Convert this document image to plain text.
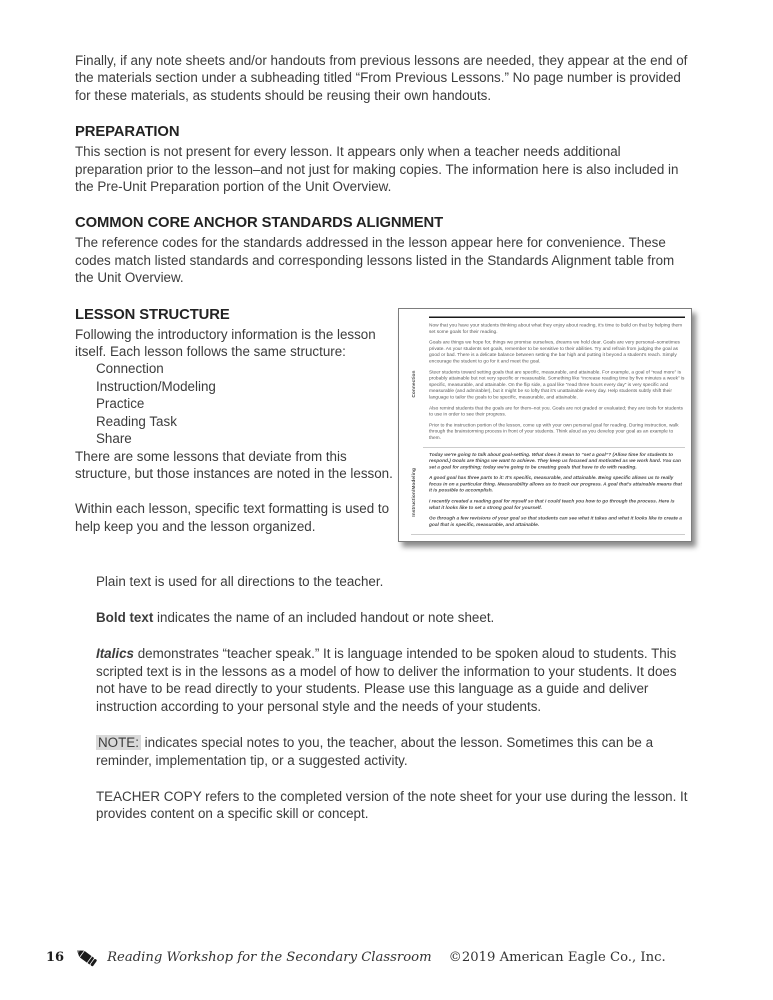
Finally, if any note sheets and/or handouts from previous lessons are needed, they appear at the end of the materials section under a subheading titled “From Previous Lessons.” No page number is provided for these materials, as students should be reusing their own handouts.

PREPARATION

This section is not present for every lesson. It appears only when a teacher needs additional preparation prior to the lesson–and not just for making copies. The information here is also included in the Pre-Unit Preparation portion of the Unit Overview.

COMMON CORE ANCHOR STANDARDS ALIGNMENT

The reference codes for the standards addressed in the lesson appear here for convenience. These codes match listed standards and corresponding lessons listed in the Standards Alignment table from the Unit Overview.

LESSON STRUCTURE

Following the introductory information is the lesson itself. Each lesson follows the same structure:

Connection
Instruction/Modeling
Practice
Reading Task
Share

There are some lessons that deviate from this structure, but those instances are noted in the lesson.

Within each lesson, specific text formatting is used to help keep you and the lesson organized.

Connection

Now that you have your students thinking about what they enjoy about reading, it's time to build on that by helping them set some goals for their reading.

Goals are things we hope for, things we promise ourselves, dreams we hold dear. Goals are very personal–sometimes private. As your students set goals, remember to be sensitive to their abilities. Try and refrain from judging the goal as good or bad. There is a delicate balance between setting the bar high and putting it beyond a student's reach. Simply encourage the student to go for it and meet the goal.

Steer students toward setting goals that are specific, measurable, and attainable. For example, a goal of “read more” is probably attainable but not very specific or measurable. Something like “increase reading time by five minutes a week” is specific, measurable, and attainable. On the flip side, a goal like “read three hours every day” is very specific and measurable (and admirable!), but it might be so lofty that it's unattainable every day. Help students subtly shift their language to tailor the goals to be specific, measurable, and attainable.

Also remind students that the goals are for them–not you. Goals are not graded or evaluated; they are tools for students to use in order to see their progress.

Prior to the instruction portion of the lesson, come up with your own personal goal for reading. During instruction, walk through the brainstorming process in front of your students. Think aloud as you develop your goal as an example to them.

Instruction/Modeling

Today we're going to talk about goal-setting. What does it mean to “set a goal”? (Allow time for students to respond.) Goals are things we want to achieve. They keep us focused and motivated as we work hard. You can set a goal for anything; today we're going to be creating goals that have to do with reading.

A good goal has three parts to it: It's specific, measurable, and attainable. Being specific allows us to really focus in on a particular thing. Measurability allows us to track our progress. A goal that's attainable means that it is possible to accomplish.

I recently created a reading goal for myself so that I could teach you how to go through the process. Here is what it looks like to set a strong goal for yourself.

Go through a few revisions of your goal so that students can see what it takes and what it looks like to create a goal that is specific, measurable, and attainable.

Plain text is used for all directions to the teacher.

Bold text indicates the name of an included handout or note sheet.

Italics demonstrates “teacher speak.” It is language intended to be spoken aloud to students. This scripted text is in the lessons as a model of how to deliver the information to your students. It does not have to be read directly to your students. Please use this language as a guide and deliver instruction according to your personal style and the needs of your students.

NOTE: indicates special notes to you, the teacher, about the lesson. Sometimes this can be a reminder, implementation tip, or a suggested activity.

TEACHER COPY refers to the completed version of the note sheet for your use during the lesson. It provides content on a specific skill or concept.

16	Reading Workshop for the Secondary Classroom ©2019 American Eagle Co., Inc.
